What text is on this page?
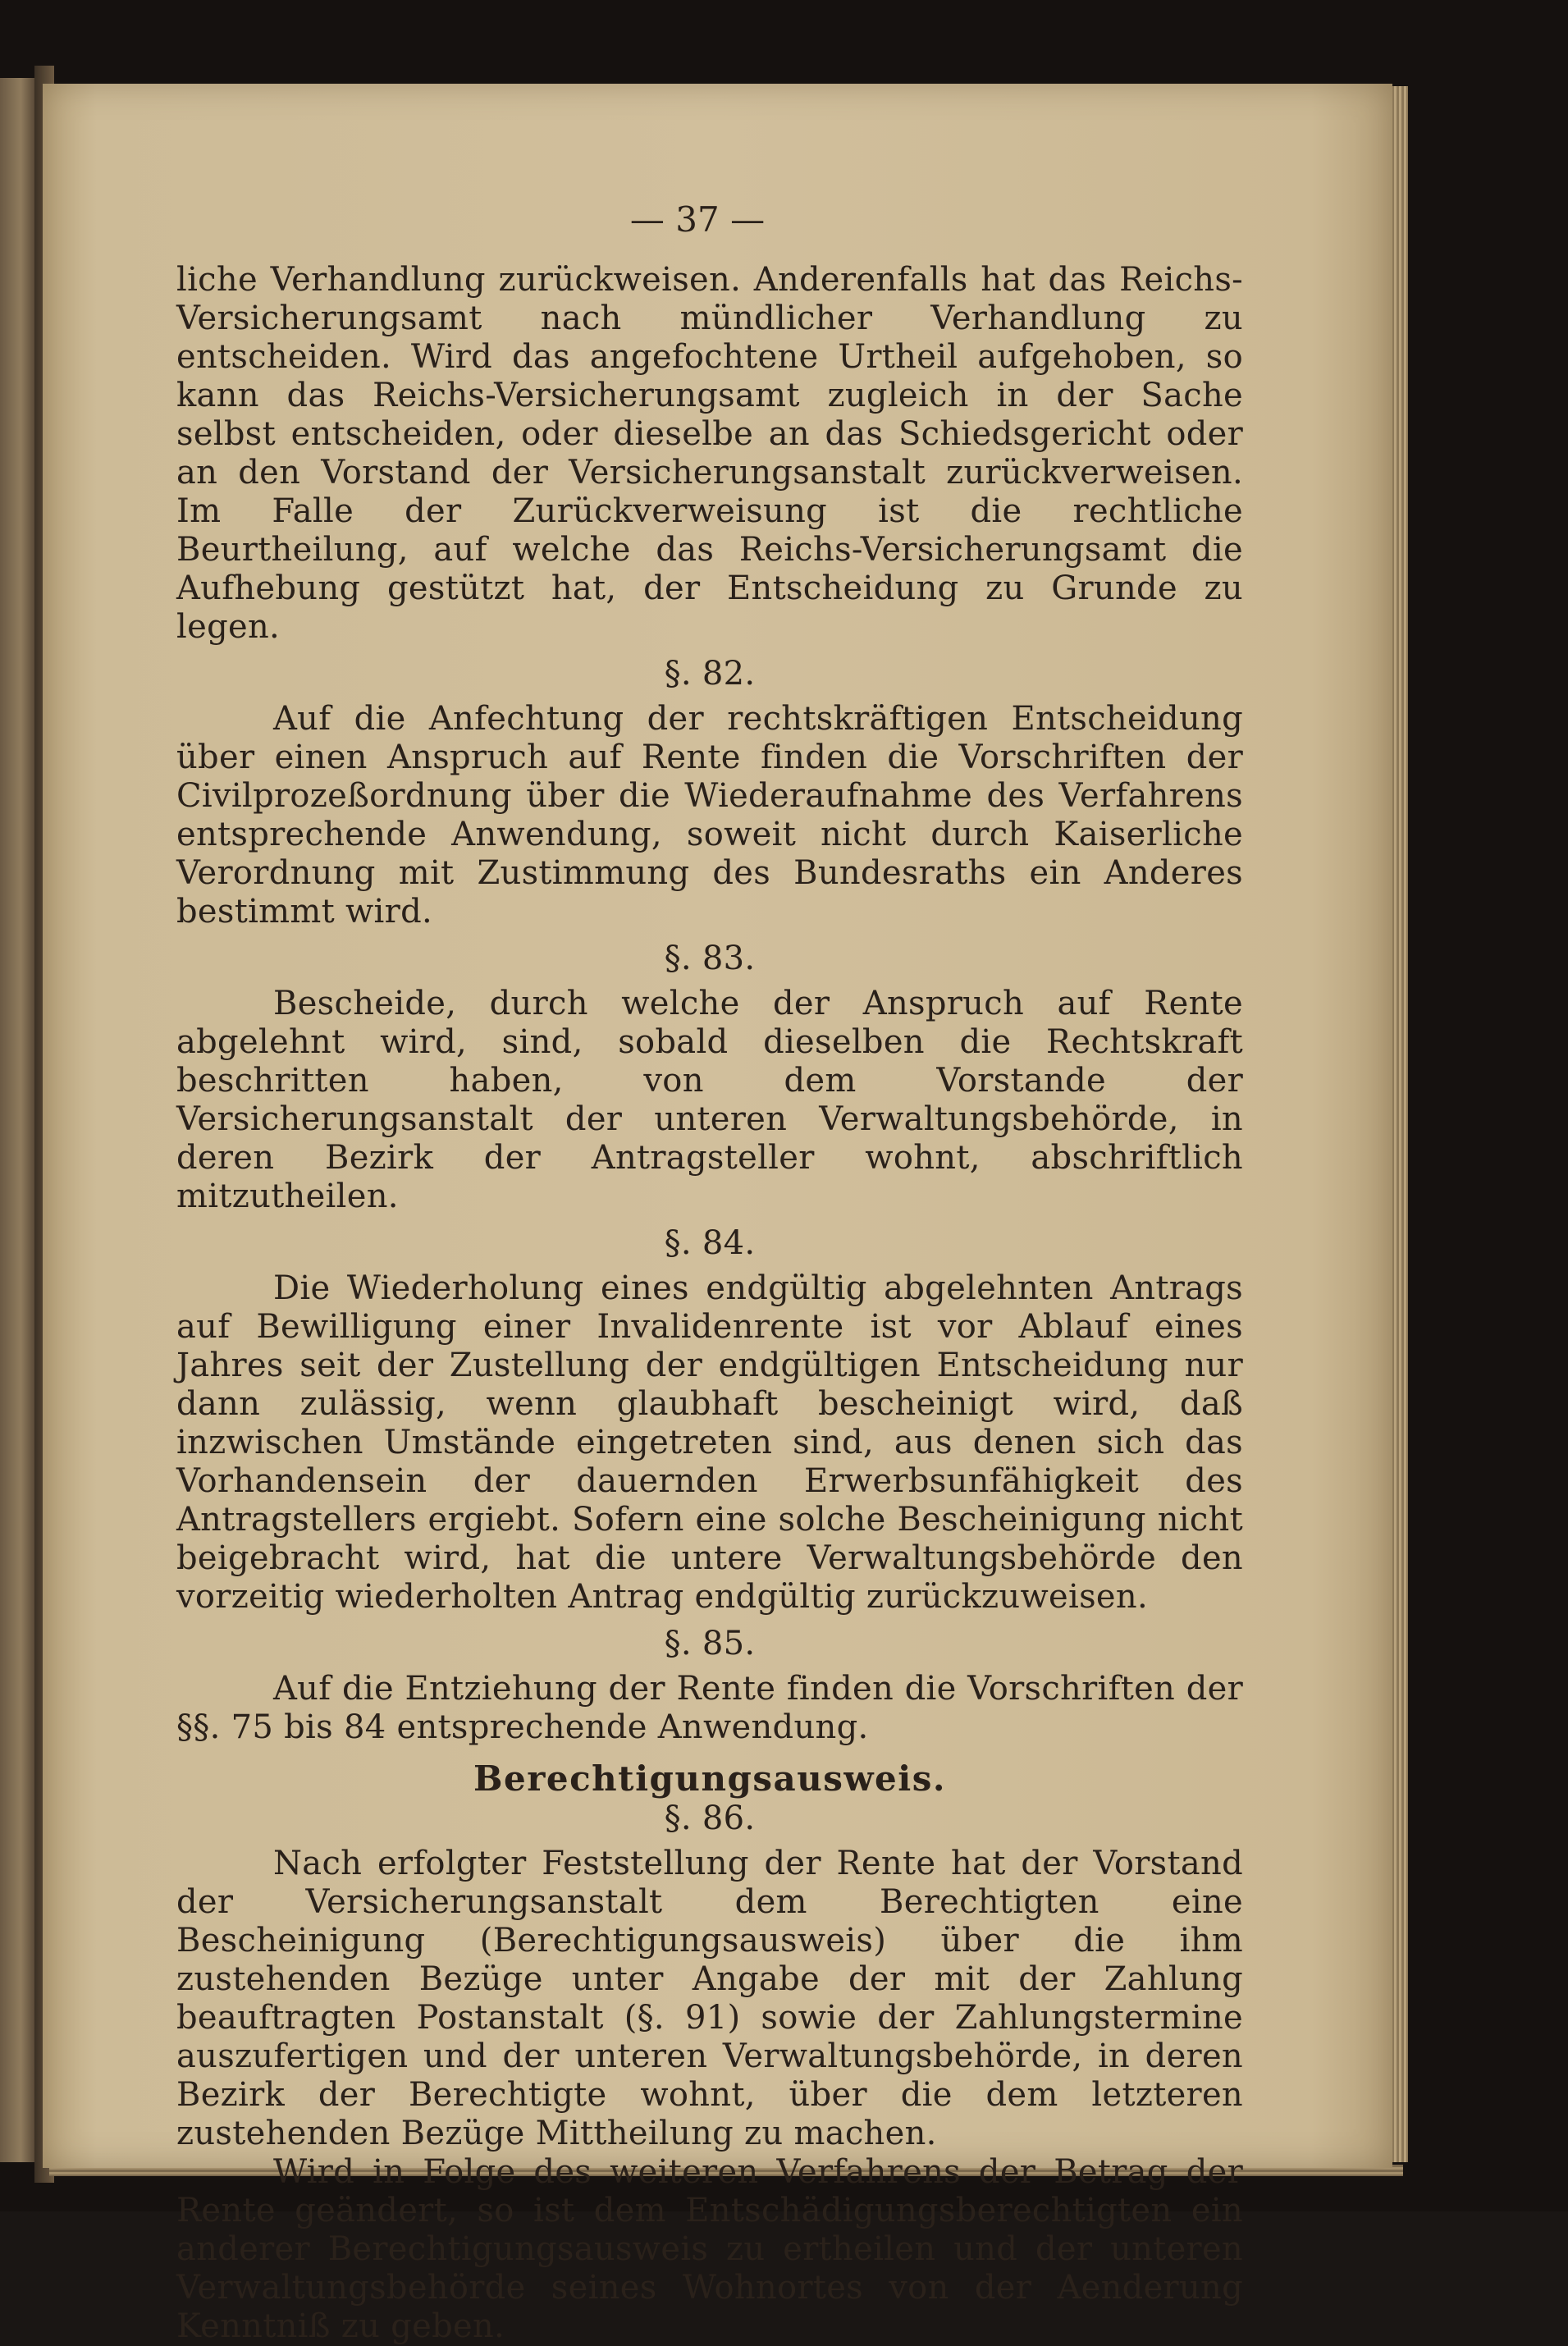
— 37 —

liche Verhandlung zurückweisen. Anderenfalls hat das Reichs-Versicherungsamt nach mündlicher Verhandlung zu entscheiden. Wird das angefochtene Urtheil aufgehoben, so kann das Reichs-Versicherungsamt zugleich in der Sache selbst entscheiden, oder dieselbe an das Schiedsgericht oder an den Vorstand der Versicherungsanstalt zurückverweisen. Im Falle der Zurückverweisung ist die rechtliche Beurtheilung, auf welche das Reichs-Versicherungsamt die Aufhebung gestützt hat, der Entscheidung zu Grunde zu legen.

§. 82.

Auf die Anfechtung der rechtskräftigen Entscheidung über einen Anspruch auf Rente finden die Vorschriften der Civilprozeßordnung über die Wiederaufnahme des Verfahrens entsprechende Anwendung, soweit nicht durch Kaiserliche Verordnung mit Zustimmung des Bundesraths ein Anderes bestimmt wird.

§. 83.

Bescheide, durch welche der Anspruch auf Rente abgelehnt wird, sind, sobald dieselben die Rechtskraft beschritten haben, von dem Vorstande der Versicherungsanstalt der unteren Verwaltungsbehörde, in deren Bezirk der Antragsteller wohnt, abschriftlich mitzutheilen.

§. 84.

Die Wiederholung eines endgültig abgelehnten Antrags auf Bewilligung einer Invalidenrente ist vor Ablauf eines Jahres seit der Zustellung der endgültigen Entscheidung nur dann zulässig, wenn glaubhaft bescheinigt wird, daß inzwischen Umstände eingetreten sind, aus denen sich das Vorhandensein der dauernden Erwerbsunfähigkeit des Antragstellers ergiebt. Sofern eine solche Bescheinigung nicht beigebracht wird, hat die untere Verwaltungsbehörde den vorzeitig wiederholten Antrag endgültig zurückzuweisen.

§. 85.

Auf die Entziehung der Rente finden die Vorschriften der §§. 75 bis 84 entsprechende Anwendung.

Berechtigungsausweis.
§. 86.

Nach erfolgter Feststellung der Rente hat der Vorstand der Versicherungsanstalt dem Berechtigten eine Bescheinigung (Berechtigungsausweis) über die ihm zustehenden Bezüge unter Angabe der mit der Zahlung beauftragten Postanstalt (§. 91) sowie der Zahlungstermine auszufertigen und der unteren Verwaltungsbehörde, in deren Bezirk der Berechtigte wohnt, über die dem letzteren zustehenden Bezüge Mittheilung zu machen.

Wird in Folge des weiteren Verfahrens der Betrag der Rente geändert, so ist dem Entschädigungsberechtigten ein anderer Berechtigungsausweis zu ertheilen und der unteren Verwaltungsbehörde seines Wohnortes von der Aenderung Kenntniß zu geben.
